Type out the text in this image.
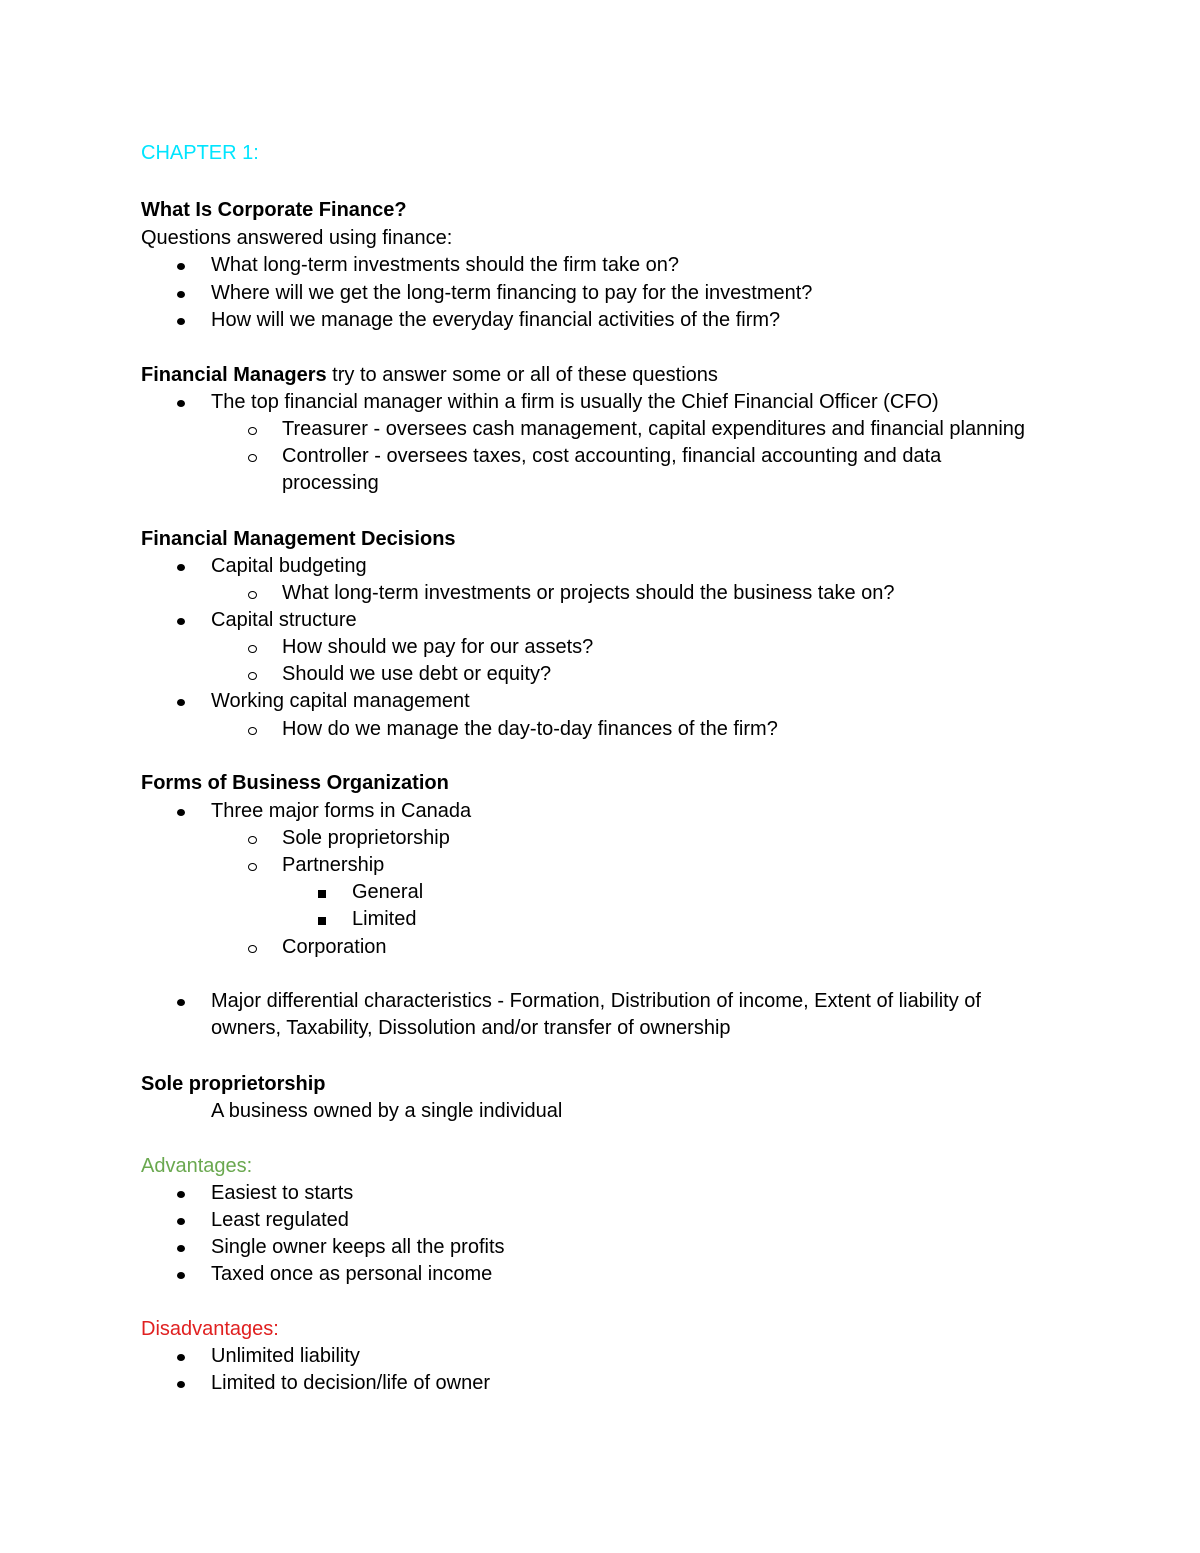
CHAPTER 1:
What Is Corporate Finance?
Questions answered using finance:
What long-term investments should the firm take on?
Where will we get the long-term financing to pay for the investment?
How will we manage the everyday financial activities of the firm?
Financial Managers try to answer some or all of these questions
The top financial manager within a firm is usually the Chief Financial Officer (CFO)
Treasurer - oversees cash management, capital expenditures and financial planning
Controller - oversees taxes, cost accounting, financial accounting and data processing
Financial Management Decisions
Capital budgeting
What long-term investments or projects should the business take on?
Capital structure
How should we pay for our assets?
Should we use debt or equity?
Working capital management
How do we manage the day-to-day finances of the firm?
Forms of Business Organization
Three major forms in Canada
Sole proprietorship
Partnership
General
Limited
Corporation
Major differential characteristics - Formation, Distribution of income, Extent of liability of owners, Taxability, Dissolution and/or transfer of ownership
Sole proprietorship
A business owned by a single individual
Advantages:
Easiest to starts
Least regulated
Single owner keeps all the profits
Taxed once as personal income
Disadvantages:
Unlimited liability
Limited to decision/life of owner
